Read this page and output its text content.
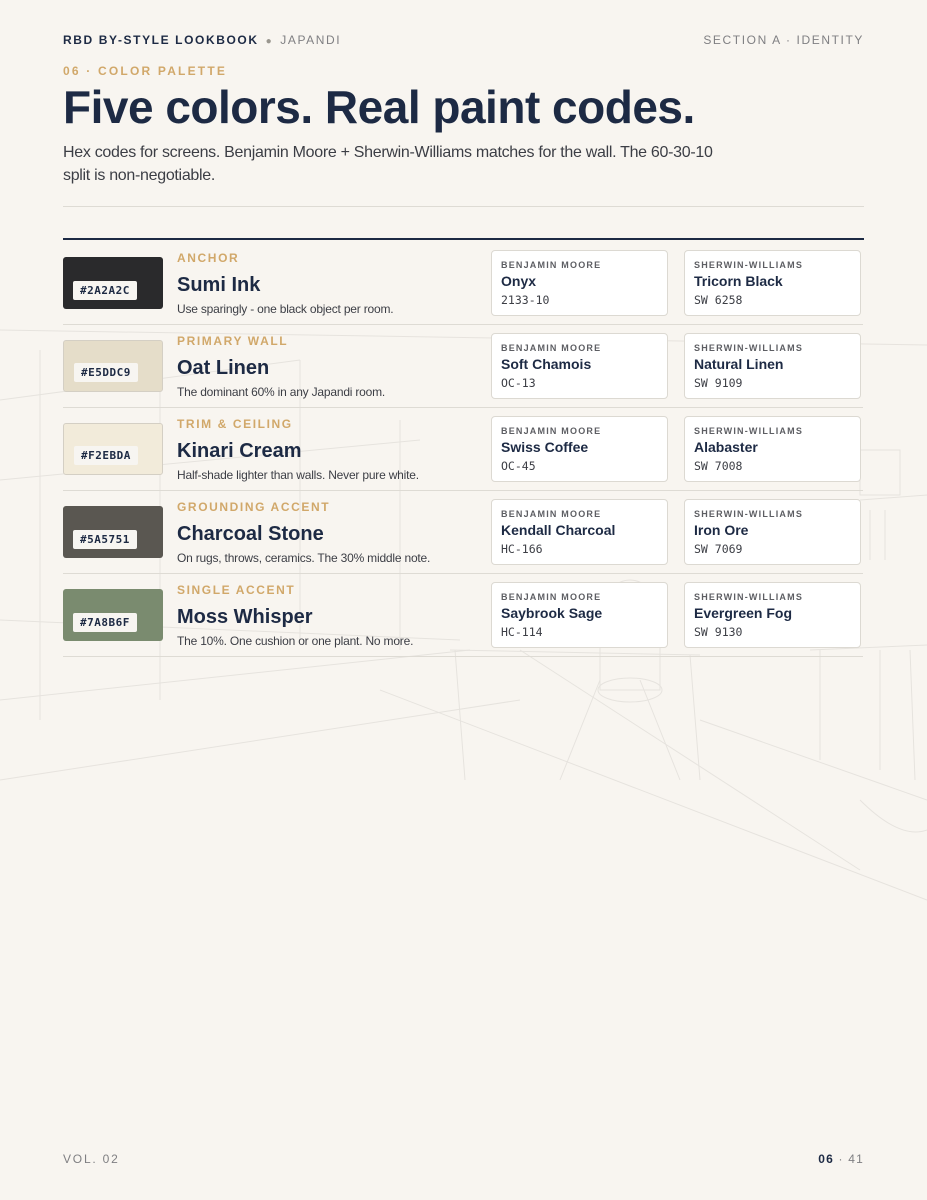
RBD BY-STYLE LOOKBOOK ● JAPANDI	SECTION A · IDENTITY
06 · COLOR PALETTE
Five colors. Real paint codes.

Hex codes for screens. Benjamin Moore + Sherwin-Williams matches for the wall. The 60-30-10 split is non-negotiable.

#2A2A2C
ANCHOR
Sumi Ink
Use sparingly - one black object per room.
BENJAMIN MOORE
Onyx
2133-10
SHERWIN-WILLIAMS
Tricorn Black
SW 6258
#E5DDC9
PRIMARY WALL
Oat Linen
The dominant 60% in any Japandi room.
BENJAMIN MOORE
Soft Chamois
OC-13
SHERWIN-WILLIAMS
Natural Linen
SW 9109
#F2EBDA
TRIM & CEILING
Kinari Cream
Half-shade lighter than walls. Never pure white.
BENJAMIN MOORE
Swiss Coffee
OC-45
SHERWIN-WILLIAMS
Alabaster
SW 7008
#5A5751
GROUNDING ACCENT
Charcoal Stone
On rugs, throws, ceramics. The 30% middle note.
BENJAMIN MOORE
Kendall Charcoal
HC-166
SHERWIN-WILLIAMS
Iron Ore
SW 7069
#7A8B6F
SINGLE ACCENT
Moss Whisper
The 10%. One cushion or one plant. No more.
BENJAMIN MOORE
Saybrook Sage
HC-114
SHERWIN-WILLIAMS
Evergreen Fog
SW 9130
VOL. 02	06 · 41
